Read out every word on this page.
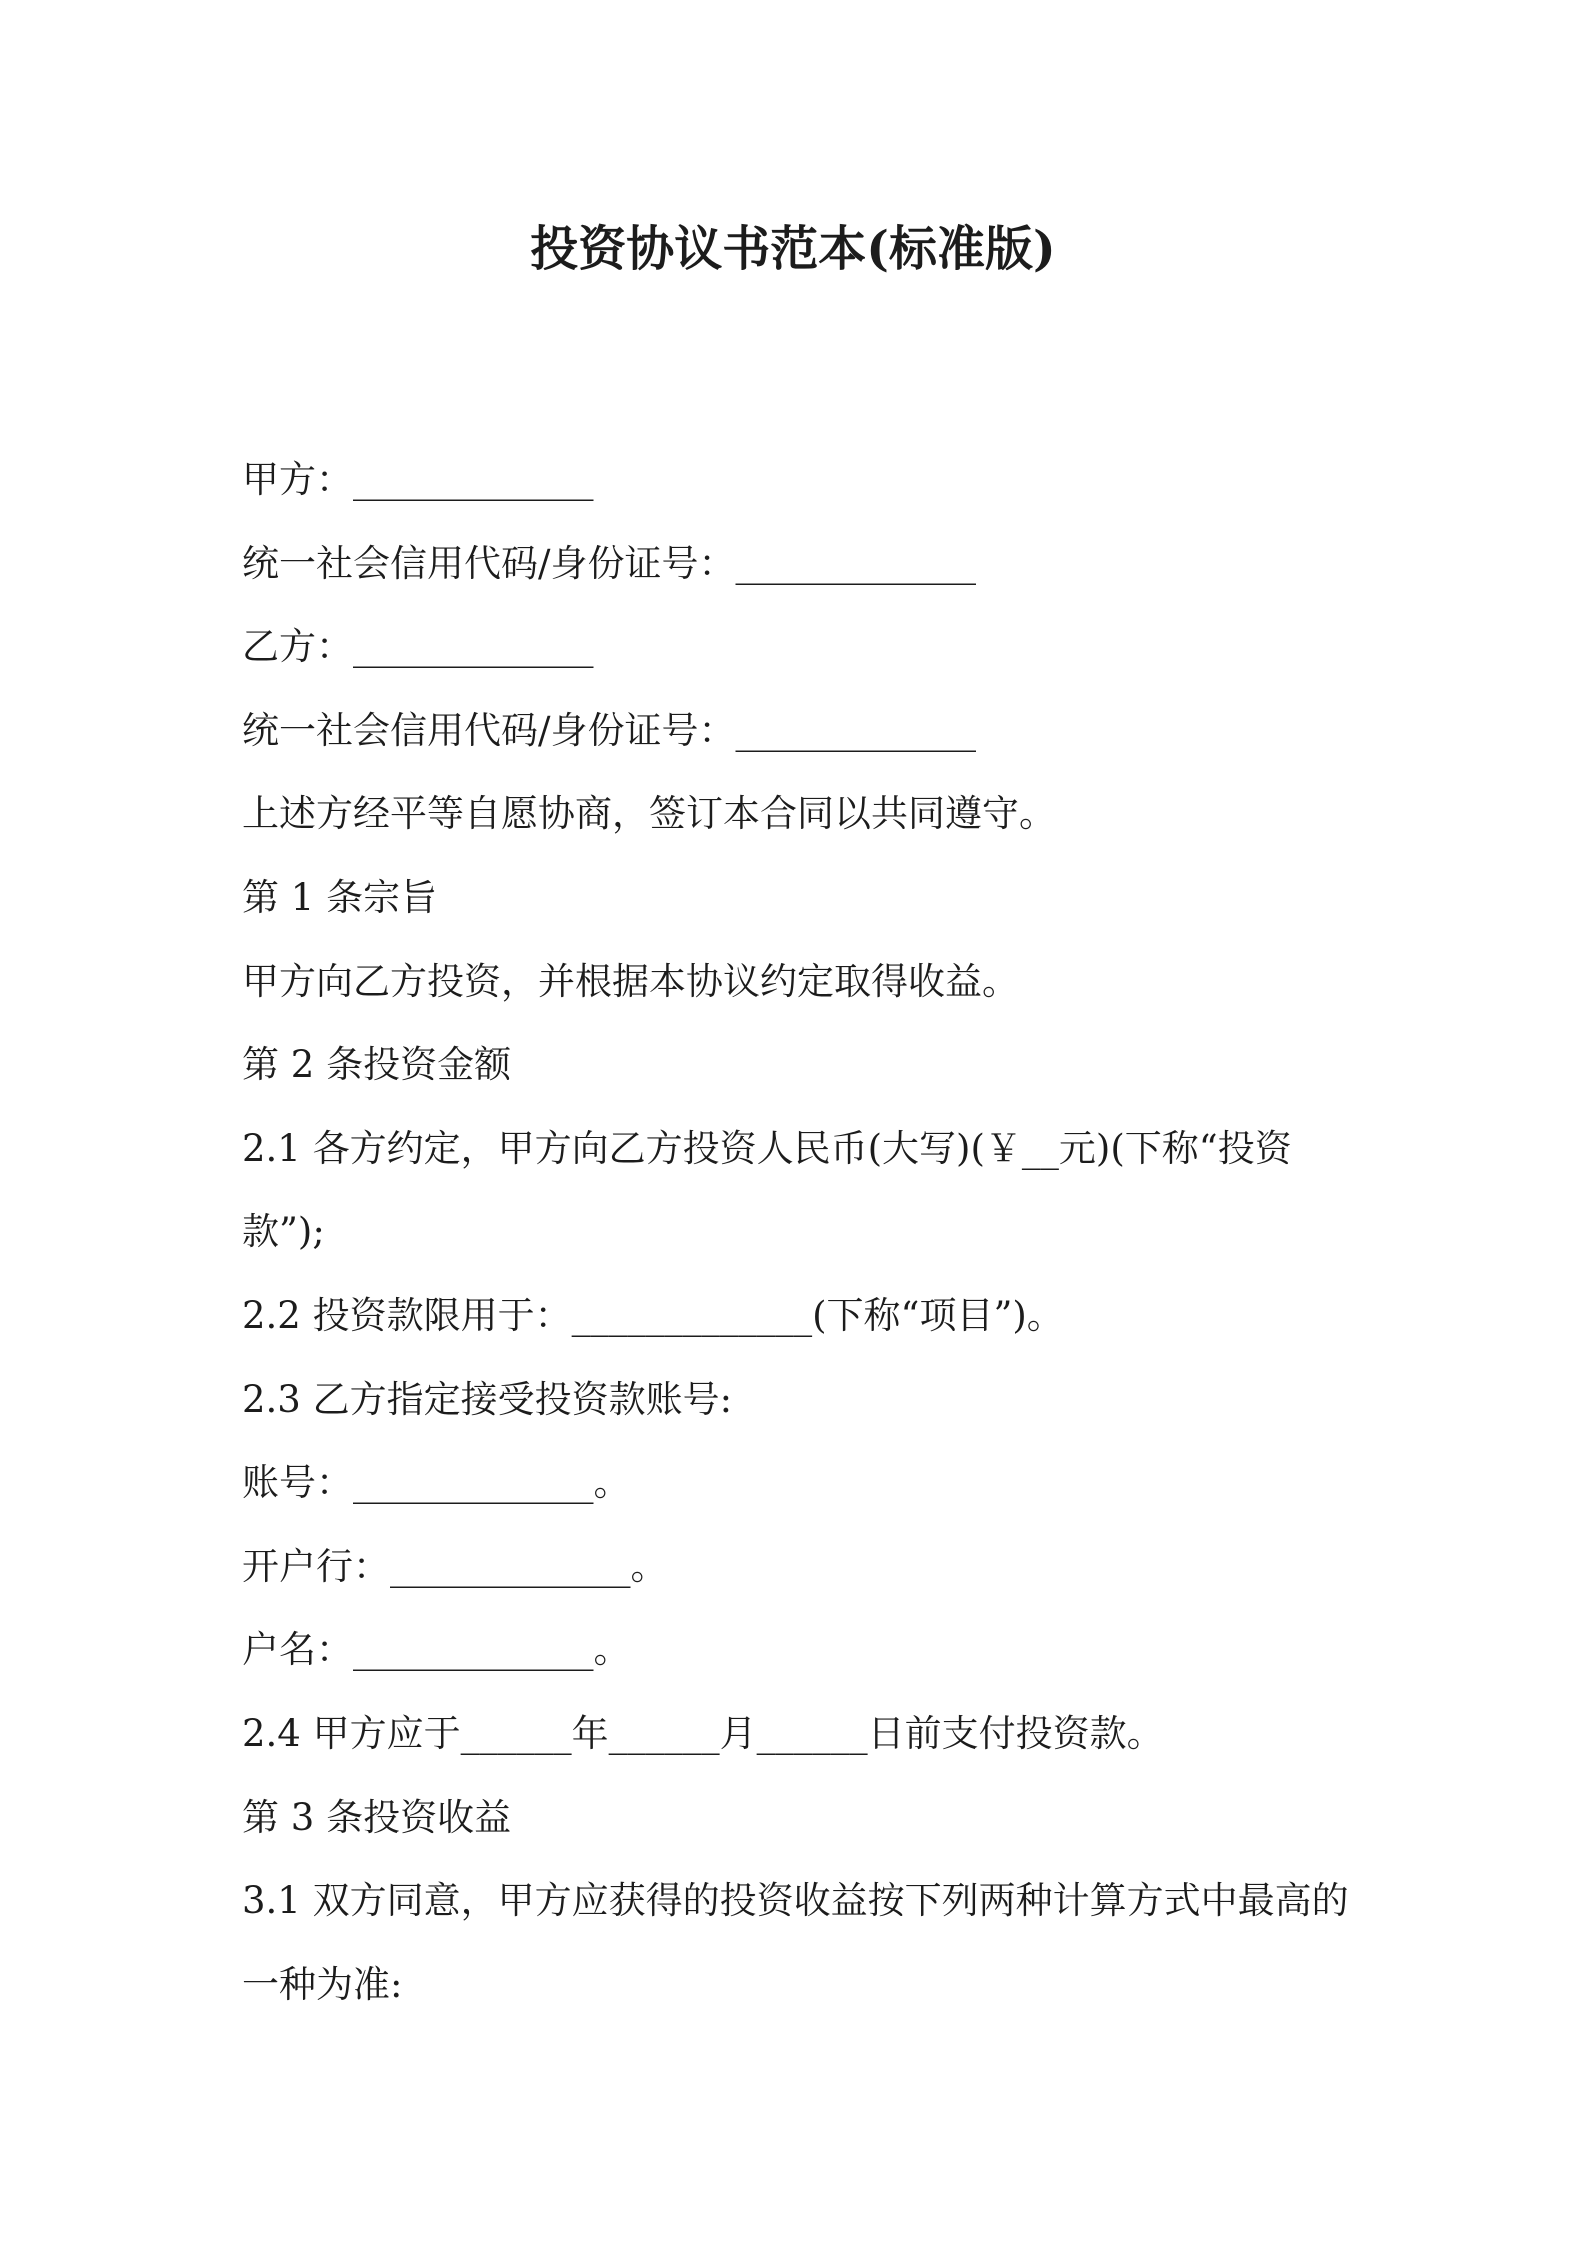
投资协议书范本(标准版)
甲方：_____________
统一社会信用代码/身份证号：_____________
乙方：_____________
统一社会信用代码/身份证号：_____________
上述方经平等自愿协商，签订本合同以共同遵守。
第 1 条宗旨
甲方向乙方投资，并根据本协议约定取得收益。
第 2 条投资金额
2.1 各方约定，甲方向乙方投资人民币(大写)(￥__元)(下称“投资
款”);
2.2 投资款限用于：_____________(下称“项目”)。
2.3 乙方指定接受投资款账号:
账号：_____________。
开户行：_____________。
户名：_____________。
2.4 甲方应于______年______月______日前支付投资款。
第 3 条投资收益
3.1 双方同意，甲方应获得的投资收益按下列两种计算方式中最高的
一种为准:
